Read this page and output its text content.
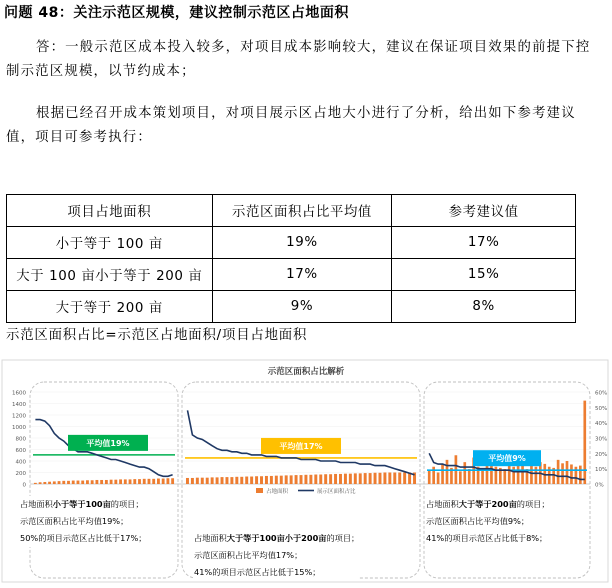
问题 48：关注示范区规模，建议控制示范区占地面积
答：一般示范区成本投入较多，对项目成本影响较大，建议在保证项目效果的前提下控制示范区规模，以节约成本；
根据已经召开成本策划项目，对项目展示区占地大小进行了分析，给出如下参考建议值，项目可参考执行：
项目占地面积	示范区面积占比平均值	参考建议值
小于等于 100 亩	19%	17%
大于 100 亩小于等于 200 亩	17%	15%
大于等于 200 亩	9%	8%
示范区面积占比=示范区占地面积/项目占地面积
示范区面积占比解析
1600
1400
1200
1000
800
600
400
200
0
60%
50%
40%
30%
20%
10%
0%
平均值19%	平均值17%
平均值9%
占地面积	展示区面积占比
占地面积小于等于100亩的项目；
示范区面积占比平均值19%；
50%的项目示范区占比低于17%；	占地面积大于等于100亩小于200亩的项目；
示范区面积占比平均值17%；
41%的项目示范区占比低于15%；
占地面积大于等于200亩的项目；
示范区面积占比平均值9%；
41%的项目示范区占比低于8%；
